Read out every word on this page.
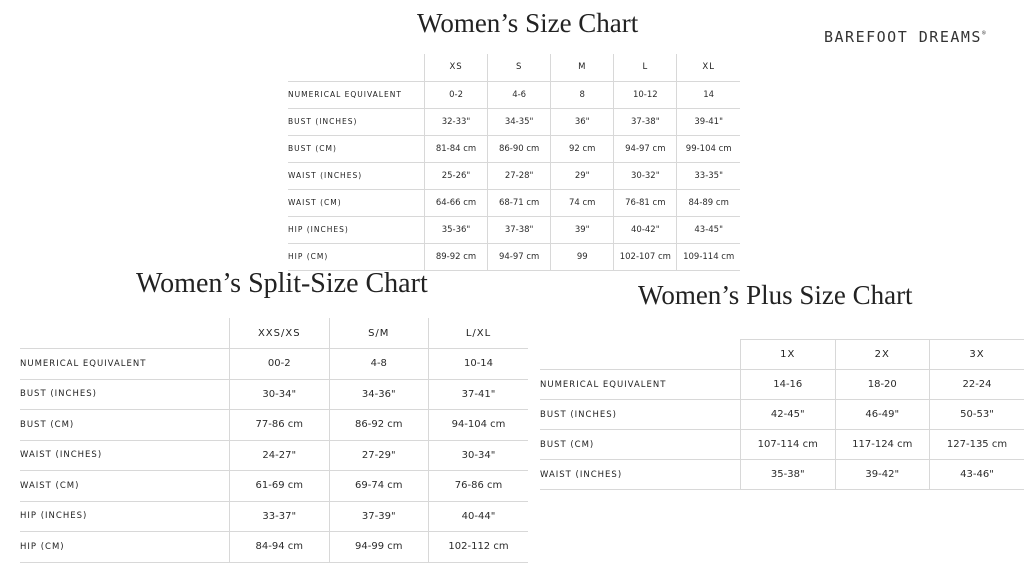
Women’s Size Chart	BAREFOOT DREAMS®
	XS	S	M	L	XL
NUMERICAL EQUIVALENT	0-2	4-6	8	10-12	14
BUST (INCHES)	32-33"	34-35"	36"	37-38"	39-41"
BUST (CM)	81-84 cm	86-90 cm	92 cm	94-97 cm	99-104 cm
WAIST (INCHES)	25-26"	27-28"	29"	30-32"	33-35"
WAIST (CM)	64-66 cm	68-71 cm	74 cm	76-81 cm	84-89 cm
HIP (INCHES)	35-36"	37-38"	39"	40-42"	43-45"
HIP (CM)	89-92 cm	94-97 cm	99	102-107 cm	109-114 cm
Women’s Split-Size Chart
	XXS/XS	S/M	L/XL
NUMERICAL EQUIVALENT	00-2	4-8	10-14
BUST (INCHES)	30-34"	34-36"	37-41"
BUST (CM)	77-86 cm	86-92 cm	94-104 cm
WAIST (INCHES)	24-27"	27-29"	30-34"
WAIST (CM)	61-69 cm	69-74 cm	76-86 cm
HIP (INCHES)	33-37"	37-39"	40-44"
HIP (CM)	84-94 cm	94-99 cm	102-112 cm
Women’s Plus Size Chart
	1X	2X	3X
NUMERICAL EQUIVALENT	14-16	18-20	22-24
BUST (INCHES)	42-45"	46-49"	50-53"
BUST (CM)	107-114 cm	117-124 cm	127-135 cm
WAIST (INCHES)	35-38"	39-42"	43-46"
